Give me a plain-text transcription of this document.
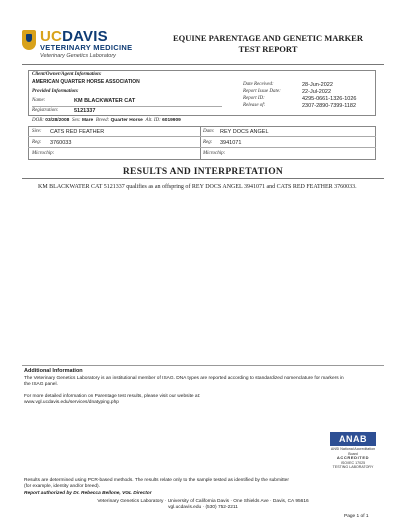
UCDAVIS
VETERINARY MEDICINE
Veterinary Genetics Laboratory
EQUINE PARENTAGE AND GENETIC MARKER
TEST REPORT
Client/Owner/Agent Information:
AMERICAN QUARTER HORSE ASSOCIATION
Provided Information:
Name:	KM BLACKWATER CAT
Registration:	5121337
Date Received:	28-Jun-2022
Report Issue Date:	22-Jul-2022
Report ID:	4295-0661-1326-1026
Release of:	2307-2890-7399-1182
DOB: 03/28/2008 Sex: Mare Breed: Quarter Horse Alt. ID: 6019909
Sire: CATS RED FEATHER
Reg: 3760033
Microchip:
Dam: REY DOCS ANGEL
Reg: 3941071
Microchip:
RESULTS AND INTERPRETATION
KM BLACKWATER CAT 5121337 qualifies as an offspring of REY DOCS ANGEL 3941071 and CATS RED FEATHER 3760033.
Additional Information
The Veterinary Genetics Laboratory is an institutional member of ISAG. DNA types are reported according to standardized nomenclature for markers in
the ISAG panel.
For more detailed information on Parentage test results, please visit our website at:
www.vgl.ucdavis.edu/services/dnatyping.php
ANAB
ANSI National Accreditation Board
ACCREDITED
ISO/IEC 17025
TESTING LABORATORY
Results are determined using PCR-based methods. The results relate only to the sample tested as identified by the submitter
(for example, identity and/or breed).
Report authorized by Dr. Rebecca Bellone, VGL Director
Veterinary Genetics Laboratory · University of California Davis · One Shields Ave · Davis, CA 95616
vgl.ucdavis.edu · (530) 752-2211
Page 1 of 1
